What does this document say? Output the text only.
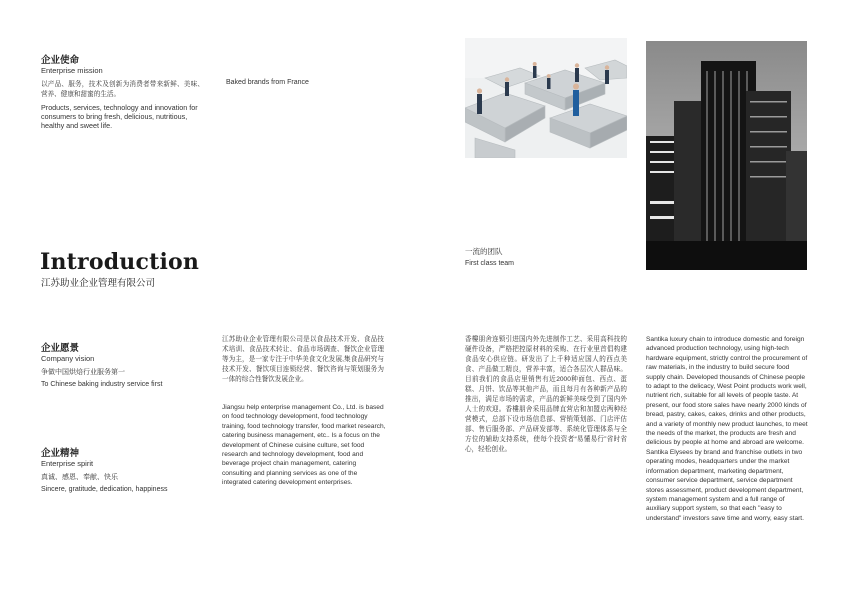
企业使命
Enterprise mission
以产品、服务，技术及创新为消费者带来新鲜、美味、营养、健康和甜蜜的生活。
Products, services, technology and innovation for consumers to bring fresh, delicious, nutritious, healthy and sweet life.
Baked brands from France
Introduction
江苏助业企业管理有限公司
一流的团队
First class team
企业愿景
Company vision
争做中国烘焙行业服务第一
To Chinese baking industry service first
企业精神
Enterprise spirit
真诚、感恩、奉献、快乐
Sincere, gratitude, dedication, happiness
江苏助业企业管理有限公司是以食品技术开发、食品技术培训、食品技术转让、食品市场调查、餐饮企业管理等为主，是一家专注于中华美食文化发展,集食品研究与技术开发、餐饮项目连锁经营、餐饮咨询与策划服务为一体的综合性餐饮发展企业。
Jiangsu help enterprise management Co., Ltd. is based on food technology development, food technology training, food technology transfer, food market research, catering business management, etc.. Is a focus on the development of Chinese cuisine culture, set food research and technology development, food and beverage project chain management, catering consulting and planning services as one of the integrated catering development enterprises.
香樓朋舍连锁引进国内外先进制作工艺、采用高科技的硬件设备，严格把控原材料的采购、在行业里首倡构建食品安心供应链。研发出了上千种适应国人的西点美食、产品做工精良，营养丰富，适合各层次人群品味。目前我们的食品店里销售有近2000种面包、西点、蛋糕、月饼、饮品等其他产品，而且每月有各种新产品的推出，满足市场的需求，产品的新鲜美味受到了国内外人士的欢迎。香樓朋舍采用品牌直营店和加盟店两种经营模式，总部下设市场信息部、营销策划部、门店评估部、售后服务部、产品研发部等、系统化管理体系与全方位的辅助支持系统，使每个投资者“易懂易行”省时省心，轻松创业。
Santika luxury chain to introduce domestic and foreign advanced production technology, using high-tech hardware equipment, strictly control the procurement of raw materials, in the industry to build secure food supply chain. Developed thousands of Chinese people to adapt to the delicacy, West Point products work well, nutrient rich, suitable for all levels of people taste. At present, our food store sales have nearly 2000 kinds of bread, pastry, cakes, cakes, drinks and other products, and a variety of monthly new product launches, to meet the needs of the market, the products are fresh and delicious by people at home and abroad are welcome. Santika Elysees by brand and franchise outlets in two operating modes, headquarters under the market information department, marketing department, consumer service department, service department stores assessment, product development department, system management system and a full range of auxiliary support system, so that each "easy to understand" investors save time and worry, easy start.
